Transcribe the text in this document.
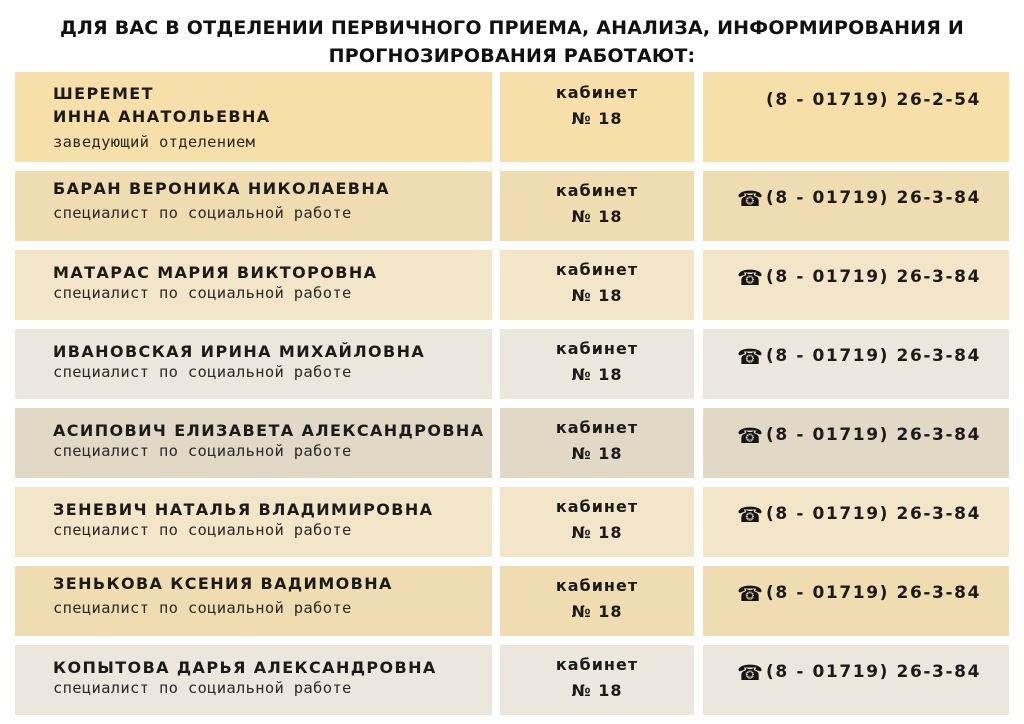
ДЛЯ ВАС В ОТДЕЛЕНИИ ПЕРВИЧНОГО ПРИЕМА, АНАЛИЗА, ИНФОРМИРОВАНИЯ И
ПРОГНОЗИРОВАНИЯ РАБОТАЮТ:
ШЕРЕМЕТ
ИННА АНАТОЛЬЕВНА
заведующий отделением
кабинет
№ 18
(8 - 01719) 26-2-54
БАРАН ВЕРОНИКА НИКОЛАЕВНА
специалист по социальной работе
кабинет
№ 18
☎ (8 - 01719) 26-3-84
МАТАРАС МАРИЯ ВИКТОРОВНА
специалист по социальной работе
кабинет
№ 18
☎ (8 - 01719) 26-3-84
ИВАНОВСКАЯ ИРИНА МИХАЙЛОВНА
специалист по социальной работе
кабинет
№ 18
☎ (8 - 01719) 26-3-84
АСИПОВИЧ ЕЛИЗАВЕТА АЛЕКСАНДРОВНА
специалист по социальной работе
кабинет
№ 18
☎ (8 - 01719) 26-3-84
ЗЕНЕВИЧ НАТАЛЬЯ ВЛАДИМИРОВНА
специалист по социальной работе
кабинет
№ 18
☎ (8 - 01719) 26-3-84
ЗЕНЬКОВА КСЕНИЯ ВАДИМОВНА
специалист по социальной работе
кабинет
№ 18
☎ (8 - 01719) 26-3-84
КОПЫТОВА ДАРЬЯ АЛЕКСАНДРОВНА
специалист по социальной работе
кабинет
№ 18
☎ (8 - 01719) 26-3-84
